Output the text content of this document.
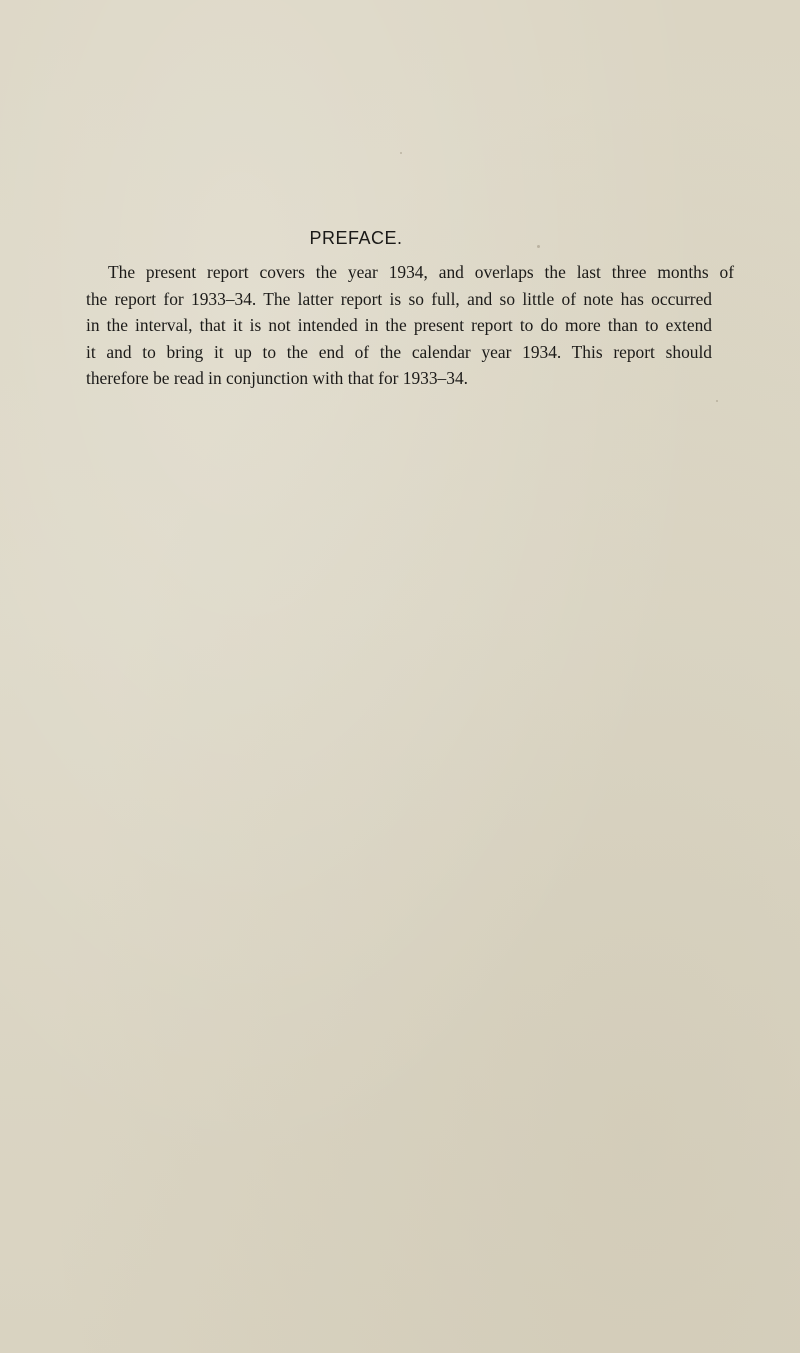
PREFACE.

The present report covers the year 1934, and overlaps the last three months of

the report for 1933–34. The latter report is so full, and so little of note has occurred

in the interval, that it is not intended in the present report to do more than to extend

it and to bring it up to the end of the calendar year 1934. This report should

therefore be read in conjunction with that for 1933–34.
